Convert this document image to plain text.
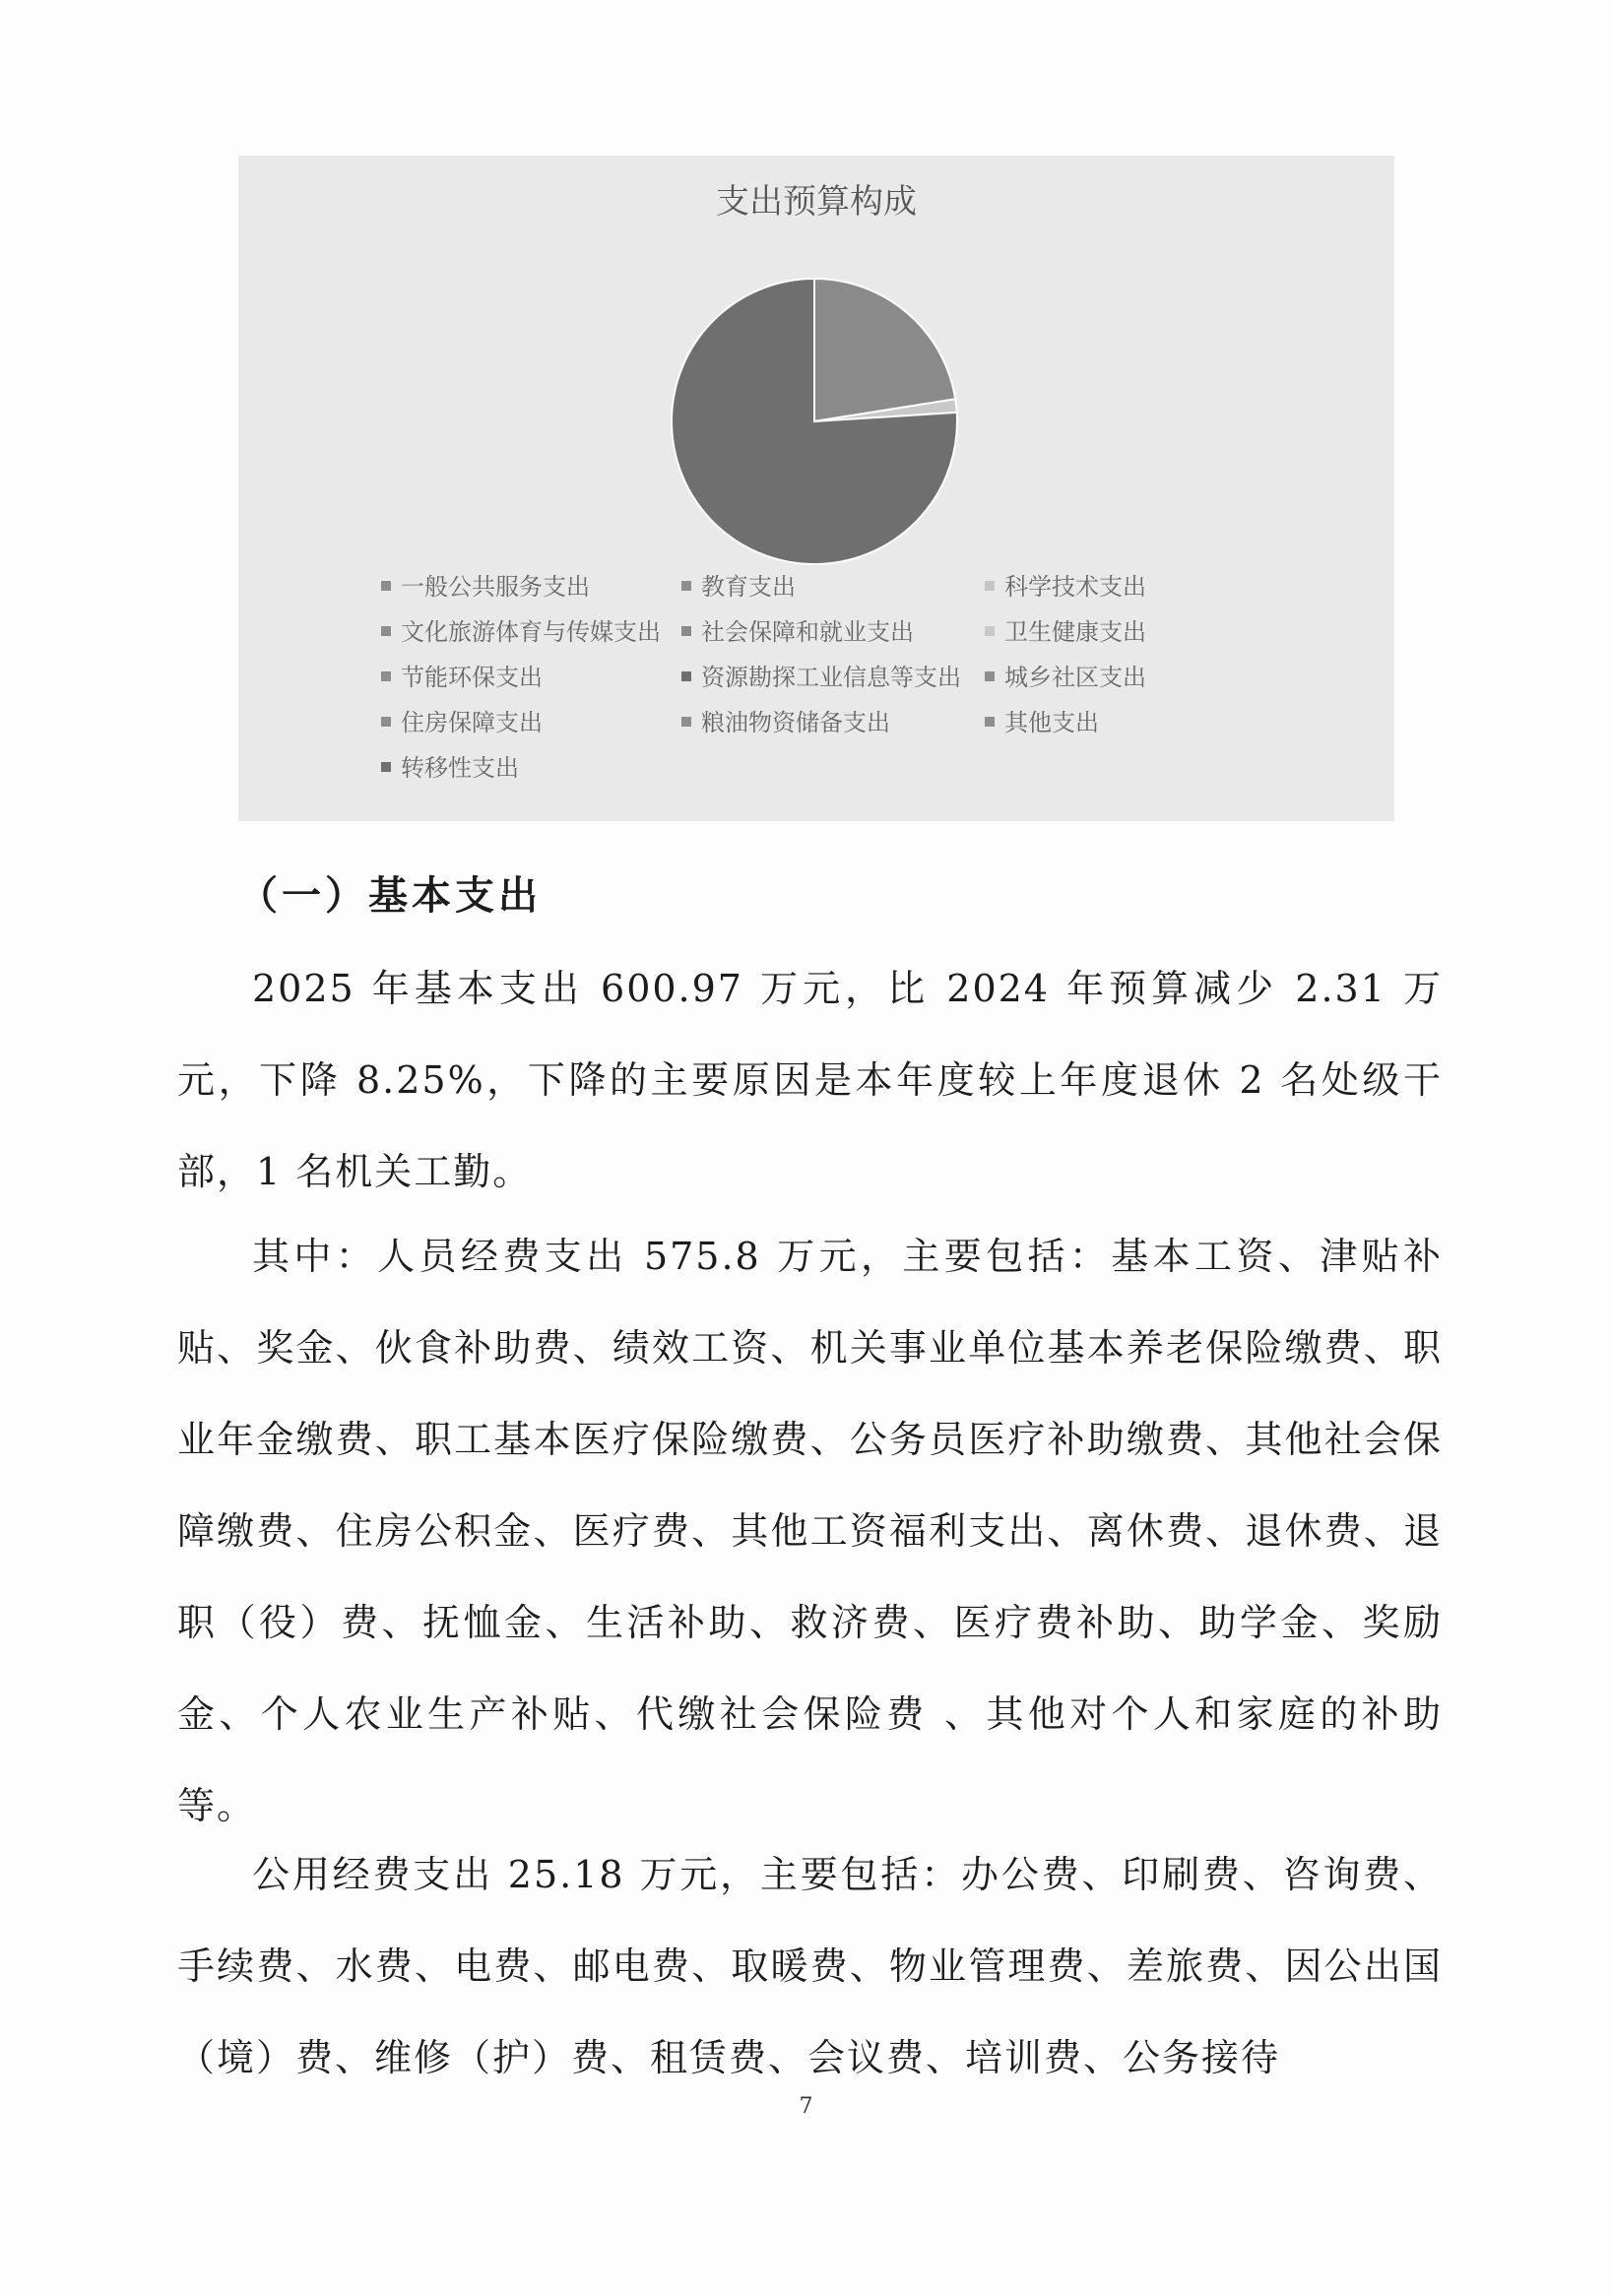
支出预算构成
一般公共服务支出	教育支出	科学技术支出
文化旅游体育与传媒支出	社会保障和就业支出	卫生健康支出
节能环保支出	资源勘探工业信息等支出	城乡社区支出
住房保障支出	粮油物资储备支出	其他支出
转移性支出
（一）基本支出

2025 年基本支出 600.97 万元，比 2024 年预算减少 2.31 万元，下降 8.25%，下降的主要原因是本年度较上年度退休 2 名处级干部，1 名机关工勤。

其中：人员经费支出 575.8 万元，主要包括：基本工资、津贴补贴、奖金、伙食补助费、绩效工资、机关事业单位基本养老保险缴费、职业年金缴费、职工基本医疗保险缴费、公务员医疗补助缴费、其他社会保障缴费、住房公积金、医疗费、其他工资福利支出、离休费、退休费、退职（役）费、抚恤金、生活补助、救济费、医疗费补助、助学金、奖励金、个人农业生产补贴、代缴社会保险费 、其他对个人和家庭的补助等。

公用经费支出 25.18 万元，主要包括：办公费、印刷费、咨询费、手续费、水费、电费、邮电费、取暖费、物业管理费、差旅费、因公出国（境）费、维修（护）费、租赁费、会议费、培训费、公务接待

7
